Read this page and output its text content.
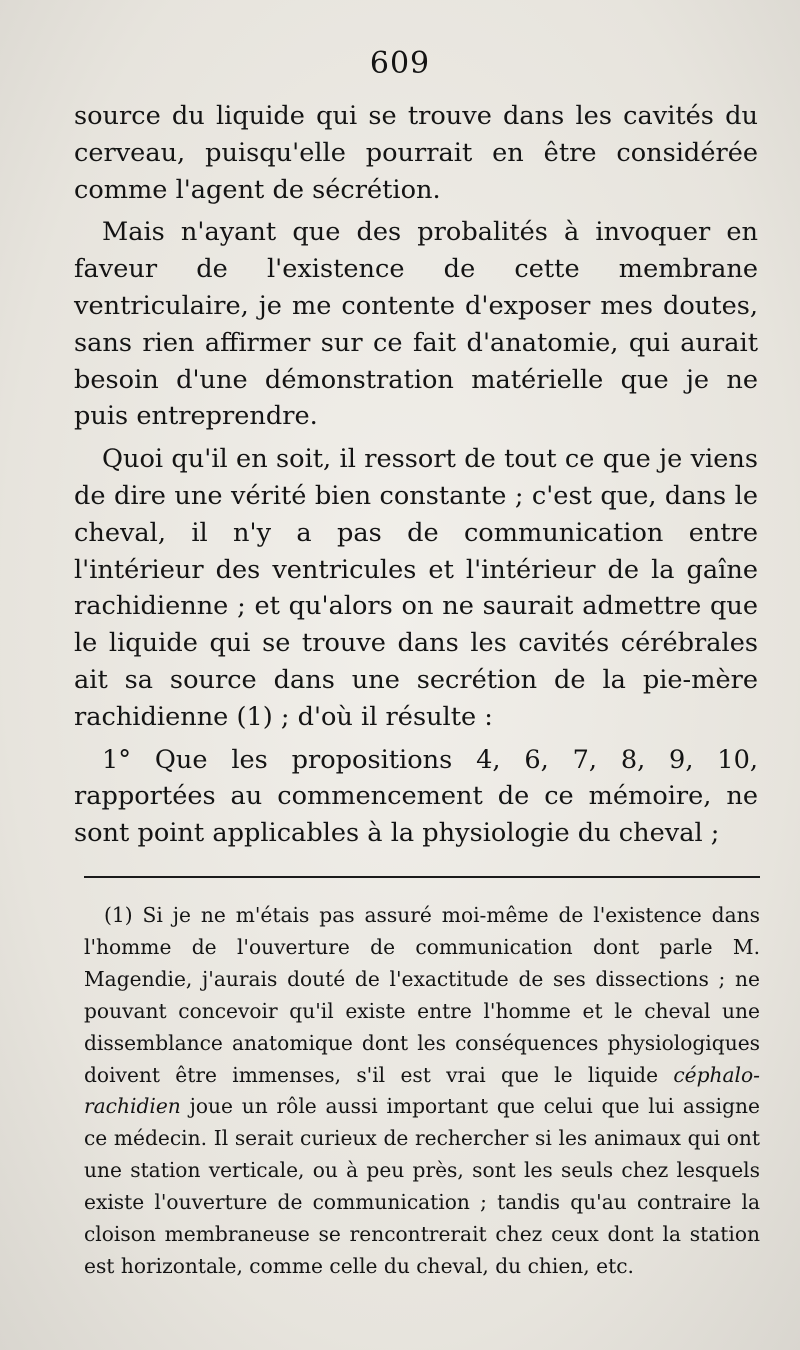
609

source du liquide qui se trouve dans les cavités du cerveau, puisqu'elle pourrait en être considérée comme l'agent de sécrétion.

Mais n'ayant que des probalités à invoquer en faveur de l'existence de cette membrane ventriculaire, je me contente d'exposer mes doutes, sans rien affirmer sur ce fait d'anatomie, qui aurait besoin d'une démonstration matérielle que je ne puis entreprendre.

Quoi qu'il en soit, il ressort de tout ce que je viens de dire une vérité bien constante ; c'est que, dans le cheval, il n'y a pas de communication entre l'intérieur des ventricules et l'intérieur de la gaîne rachidienne ; et qu'alors on ne saurait admettre que le liquide qui se trouve dans les cavités cérébrales ait sa source dans une secrétion de la pie-mère rachidienne (1) ; d'où il résulte :

1° Que les propositions 4, 6, 7, 8, 9, 10, rapportées au commencement de ce mémoire, ne sont point applicables à la physiologie du cheval ;

(1) Si je ne m'étais pas assuré moi-même de l'existence dans l'homme de l'ouverture de communication dont parle M. Magendie, j'aurais douté de l'exactitude de ses dissections ; ne pouvant concevoir qu'il existe entre l'homme et le cheval une dissemblance anatomique dont les conséquences physiologiques doivent être immenses, s'il est vrai que le liquide céphalo-rachidien joue un rôle aussi important que celui que lui assigne ce médecin. Il serait curieux de rechercher si les animaux qui ont une station verticale, ou à peu près, sont les seuls chez lesquels existe l'ouverture de communication ; tandis qu'au contraire la cloison membraneuse se rencontrerait chez ceux dont la station est horizontale, comme celle du cheval, du chien, etc.
